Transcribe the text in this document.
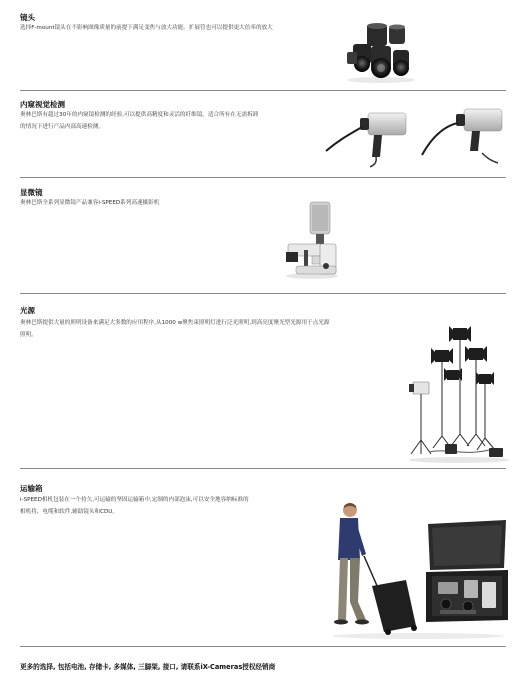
镜头
选择F-mount镜头在不影响图像质量的前提下满足变焦与放大功能。扩展管也可以提供更大倍率的放大
内窥视觉检测
奥林巴斯有超过30年的内窥镜检测的经验,可以提供高精度和灵活的纤维镜。适合所有在无需拆卸
的情况下进行产品内部高速检测。
显微镜
奥林巴斯全系列显微镜产品兼容i-SPEED系列高速摄影机
光源
奥林巴斯提供大量的照明设备来满足大多数的应用程序,从1000 w聚焦束照明灯进行泛光照明,到高亮度聚光型光源用于点光源
照明。
运输箱
i-SPEED相机包装在一个持久,可运输的坚固运输箱中,定制的内部泡沫,可以安全地容纳标准的
相机将、电缆和软件,辅助镜头和CDU。
更多的选择, 包括电池, 存储卡, 多媒体, 三脚架, 接口, 请联系iX-Cameras授权经销商
